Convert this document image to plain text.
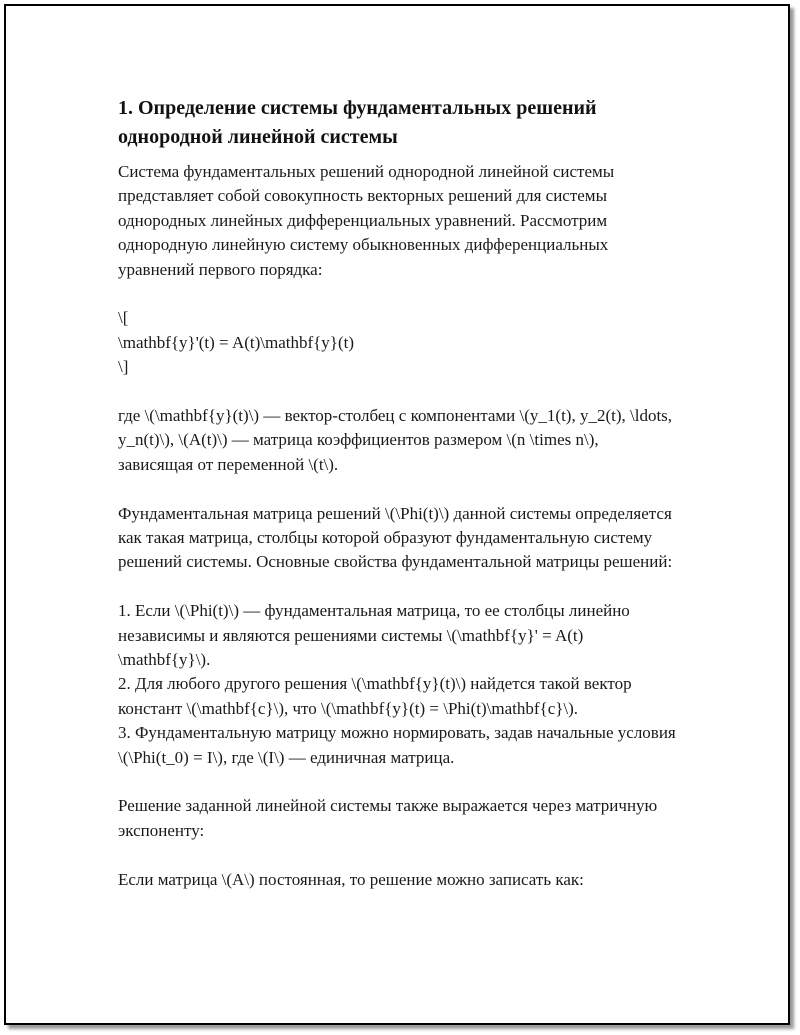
1. Определение системы фундаментальных решений однородной линейной системы

Система фундаментальных решений однородной линейной системы представляет собой совокупность векторных решений для системы однородных линейных дифференциальных уравнений. Рассмотрим однородную линейную систему обыкновенных дифференциальных уравнений первого порядка:

\[
\mathbf{y}'(t) = A(t)\mathbf{y}(t)
\]

где \(\mathbf{y}(t)\) — вектор-столбец с компонентами \(y_1(t), y_2(t), \ldots, y_n(t)\), \(A(t)\) — матрица коэффициентов размером \(n \times n\), зависящая от переменной \(t\).

Фундаментальная матрица решений \(\Phi(t)\) данной системы определяется как такая матрица, столбцы которой образуют фундаментальную систему решений системы. Основные свойства фундаментальной матрицы решений:

1. Если \(\Phi(t)\) — фундаментальная матрица, то ее столбцы линейно независимы и являются решениями системы \(\mathbf{y}' = A(t) \mathbf{y}\).
2. Для любого другого решения \(\mathbf{y}(t)\) найдется такой вектор констант \(\mathbf{c}\), что \(\mathbf{y}(t) = \Phi(t)\mathbf{c}\).
3. Фундаментальную матрицу можно нормировать, задав начальные условия \(\Phi(t_0) = I\), где \(I\) — единичная матрица.

Решение заданной линейной системы также выражается через матричную экспоненту:

Если матрица \(A\) постоянная, то решение можно записать как:
